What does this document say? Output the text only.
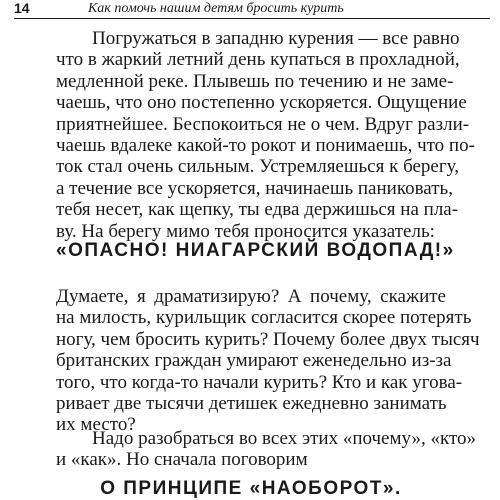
14	Как помочь нашим детям бросить курить
Погружаться в западню курения — все равно
что в жаркий летний день купаться в прохладной,
медленной реке. Плывешь по течению и не заме-
чаешь, что оно постепенно ускоряется. Ощущение
приятнейшее. Беспокоиться не о чем. Вдруг разли-
чаешь вдалеке какой-то рокот и понимаешь, что по-
ток стал очень сильным. Устремляешься к берегу,
а течение все ускоряется, начинаешь паниковать,
тебя несет, как щепку, ты едва держишься на пла-
ву. На берегу мимо тебя проносится указатель:
«ОПАСНО! НИАГАРСКИЙ ВОДОПАД!»
Думаете, я драматизирую? А почему, скажите
на милость, курильщик согласится скорее потерять
ногу, чем бросить курить? Почему более двух тысяч
британских граждан умирают еженедельно из-за
того, что когда-то начали курить? Кто и как угова-
ривает две тысячи детишек ежедневно занимать
их место?
Надо разобраться во всех этих «почему», «кто»
и «как». Но сначала поговорим
О ПРИНЦИПЕ «НАОБОРОТ».
